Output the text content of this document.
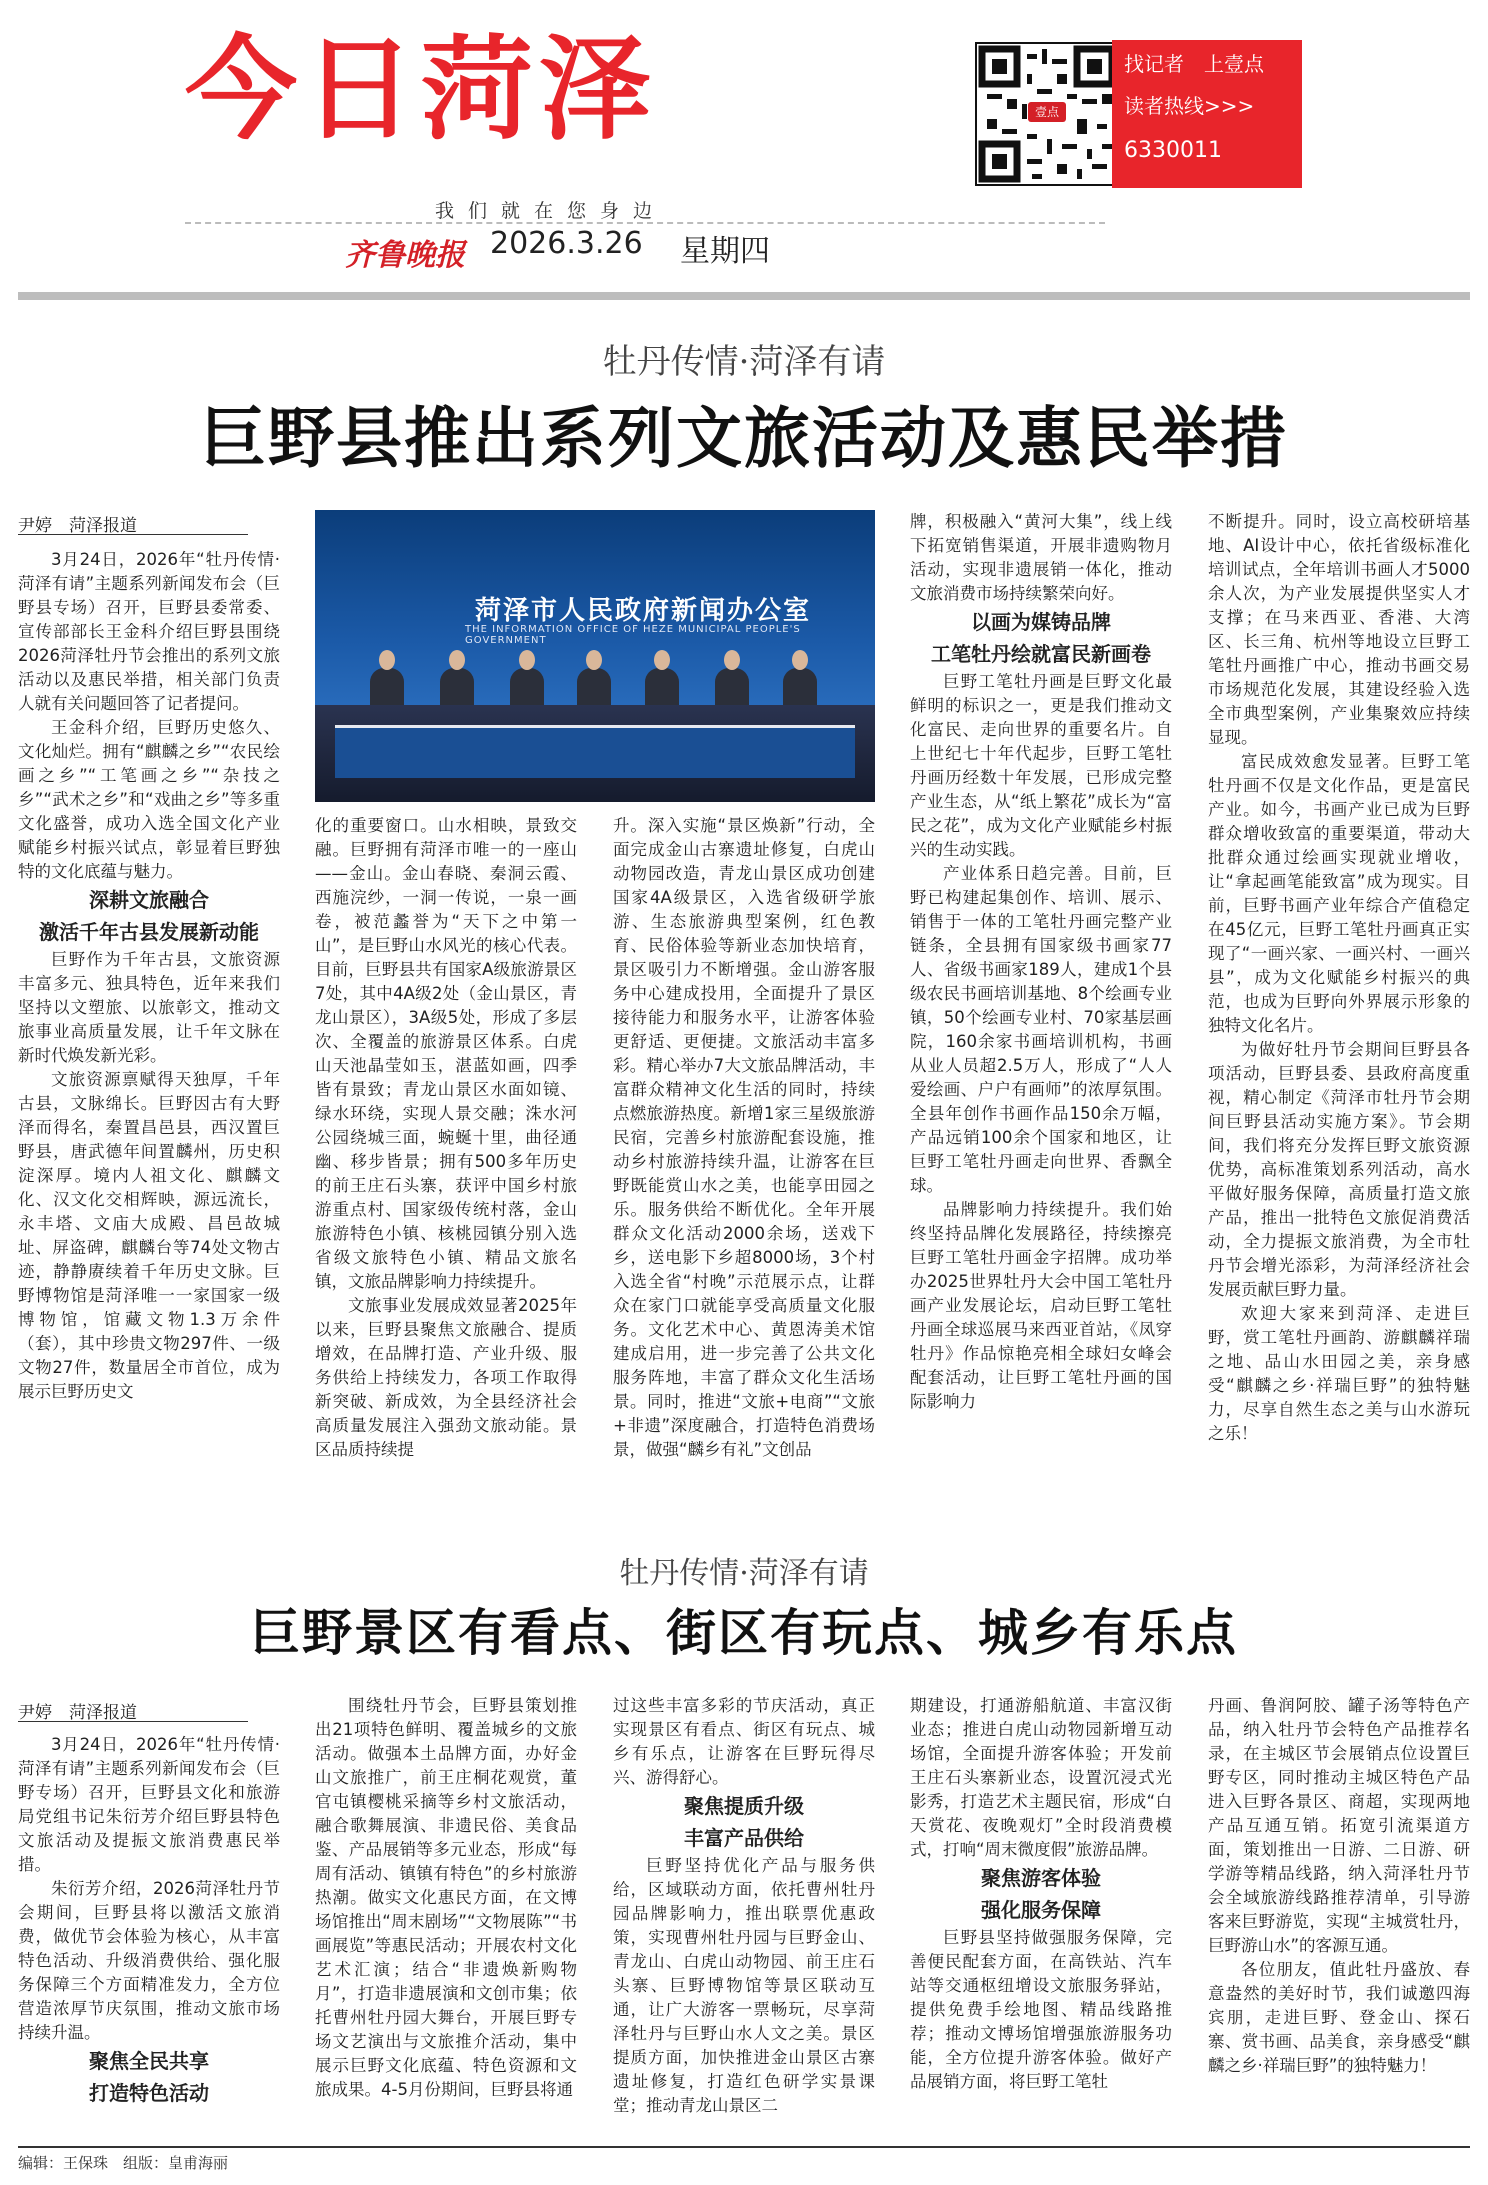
今日菏泽
我们就在您身边
齐鲁晚报 2026.3.26 星期四
壹点
找记者　上壹点
读者热线>>>
6330011
牡丹传情·菏泽有请
巨野县推出系列文旅活动及惠民举措
尹婷　菏泽报道
菏泽市人民政府新闻办公室
THE INFORMATION OFFICE OF HEZE MUNICIPAL PEOPLE'S GOVERNMENT

3月24日，2026年“牡丹传情·菏泽有请”主题系列新闻发布会（巨野县专场）召开，巨野县委常委、宣传部部长王金科介绍巨野县围绕2026菏泽牡丹节会推出的系列文旅活动以及惠民举措，相关部门负责人就有关问题回答了记者提问。

王金科介绍，巨野历史悠久、文化灿烂。拥有“麒麟之乡”“农民绘画之乡”“工笔画之乡”“杂技之乡”“武术之乡”和“戏曲之乡”等多重文化盛誉，成功入选全国文化产业赋能乡村振兴试点，彰显着巨野独特的文化底蕴与魅力。

深耕文旅融合
激活千年古县发展新动能

巨野作为千年古县，文旅资源丰富多元、独具特色，近年来我们坚持以文塑旅、以旅彰文，推动文旅事业高质量发展，让千年文脉在新时代焕发新光彩。

文旅资源禀赋得天独厚，千年古县，文脉绵长。巨野因古有大野泽而得名，秦置昌邑县，西汉置巨野县，唐武德年间置麟州，历史积淀深厚。境内人祖文化、麒麟文化、汉文化交相辉映，源远流长，永丰塔、文庙大成殿、昌邑故城址、屏盗碑，麒麟台等74处文物古迹，静静赓续着千年历史文脉。巨野博物馆是菏泽唯一一家国家一级博物馆，馆藏文物1.3万余件（套），其中珍贵文物297件、一级文物27件，数量居全市首位，成为展示巨野历史文

化的重要窗口。山水相映，景致交融。巨野拥有菏泽市唯一的一座山——金山。金山春晓、秦洞云霞、西施浣纱，一洞一传说，一泉一画卷，被范蠡誉为“天下之中第一山”，是巨野山水风光的核心代表。目前，巨野县共有国家A级旅游景区7处，其中4A级2处（金山景区，青龙山景区），3A级5处，形成了多层次、全覆盖的旅游景区体系。白虎山天池晶莹如玉，湛蓝如画，四季皆有景致；青龙山景区水面如镜、绿水环绕，实现人景交融；洙水河公园绕城三面，蜿蜒十里，曲径通幽、移步皆景；拥有500多年历史的前王庄石头寨，获评中国乡村旅游重点村、国家级传统村落，金山旅游特色小镇、核桃园镇分别入选省级文旅特色小镇、精品文旅名镇，文旅品牌影响力持续提升。

文旅事业发展成效显著2025年以来，巨野县聚焦文旅融合、提质增效，在品牌打造、产业升级、服务供给上持续发力，各项工作取得新突破、新成效，为全县经济社会高质量发展注入强劲文旅动能。景区品质持续提

升。深入实施“景区焕新”行动，全面完成金山古寨遗址修复，白虎山动物园改造，青龙山景区成功创建国家4A级景区，入选省级研学旅游、生态旅游典型案例，红色教育、民俗体验等新业态加快培育，景区吸引力不断增强。金山游客服务中心建成投用，全面提升了景区接待能力和服务水平，让游客体验更舒适、更便捷。文旅活动丰富多彩。精心举办7大文旅品牌活动，丰富群众精神文化生活的同时，持续点燃旅游热度。新增1家三星级旅游民宿，完善乡村旅游配套设施，推动乡村旅游持续升温，让游客在巨野既能赏山水之美，也能享田园之乐。服务供给不断优化。全年开展群众文化活动2000余场，送戏下乡，送电影下乡超8000场，3个村入选全省“村晚”示范展示点，让群众在家门口就能享受高质量文化服务。文化艺术中心、黄恩涛美术馆建成启用，进一步完善了公共文化服务阵地，丰富了群众文化生活场景。同时，推进“文旅+电商”“文旅+非遗”深度融合，打造特色消费场景，做强“麟乡有礼”文创品

牌，积极融入“黄河大集”，线上线下拓宽销售渠道，开展非遗购物月活动，实现非遗展销一体化，推动文旅消费市场持续繁荣向好。

以画为媒铸品牌
工笔牡丹绘就富民新画卷

巨野工笔牡丹画是巨野文化最鲜明的标识之一，更是我们推动文化富民、走向世界的重要名片。自上世纪七十年代起步，巨野工笔牡丹画历经数十年发展，已形成完整产业生态，从“纸上繁花”成长为“富民之花”，成为文化产业赋能乡村振兴的生动实践。

产业体系日趋完善。目前，巨野已构建起集创作、培训、展示、销售于一体的工笔牡丹画完整产业链条，全县拥有国家级书画家77人、省级书画家189人，建成1个县级农民书画培训基地、8个绘画专业镇，50个绘画专业村、70家基层画院，160余家书画培训机构，书画从业人员超2.5万人，形成了“人人爱绘画、户户有画师”的浓厚氛围。全县年创作书画作品150余万幅，产品远销100余个国家和地区，让巨野工笔牡丹画走向世界、香飘全球。

品牌影响力持续提升。我们始终坚持品牌化发展路径，持续擦亮巨野工笔牡丹画金字招牌。成功举办2025世界牡丹大会中国工笔牡丹画产业发展论坛，启动巨野工笔牡丹画全球巡展马来西亚首站，《凤穿牡丹》作品惊艳亮相全球妇女峰会配套活动，让巨野工笔牡丹画的国际影响力

不断提升。同时，设立高校研培基地、AI设计中心，依托省级标准化培训试点，全年培训书画人才5000余人次，为产业发展提供坚实人才支撑；在马来西亚、香港、大湾区、长三角、杭州等地设立巨野工笔牡丹画推广中心，推动书画交易市场规范化发展，其建设经验入选全市典型案例，产业集聚效应持续显现。

富民成效愈发显著。巨野工笔牡丹画不仅是文化作品，更是富民产业。如今，书画产业已成为巨野群众增收致富的重要渠道，带动大批群众通过绘画实现就业增收，让“拿起画笔能致富”成为现实。目前，巨野书画产业年综合产值稳定在45亿元，巨野工笔牡丹画真正实现了“一画兴家、一画兴村、一画兴县”，成为文化赋能乡村振兴的典范，也成为巨野向外界展示形象的独特文化名片。

为做好牡丹节会期间巨野县各项活动，巨野县委、县政府高度重视，精心制定《菏泽市牡丹节会期间巨野县活动实施方案》。节会期间，我们将充分发挥巨野文旅资源优势，高标准策划系列活动，高水平做好服务保障，高质量打造文旅产品，推出一批特色文旅促消费活动，全力提振文旅消费，为全市牡丹节会增光添彩，为菏泽经济社会发展贡献巨野力量。

欢迎大家来到菏泽、走进巨野，赏工笔牡丹画韵、游麒麟祥瑞之地、品山水田园之美，亲身感受“麒麟之乡·祥瑞巨野”的独特魅力，尽享自然生态之美与山水游玩之乐！

牡丹传情·菏泽有请
巨野景区有看点、街区有玩点、城乡有乐点
尹婷　菏泽报道

3月24日，2026年“牡丹传情·菏泽有请”主题系列新闻发布会（巨野专场）召开，巨野县文化和旅游局党组书记朱衍芳介绍巨野县特色文旅活动及提振文旅消费惠民举措。

朱衍芳介绍，2026菏泽牡丹节会期间，巨野县将以激活文旅消费，做优节会体验为核心，从丰富特色活动、升级消费供给、强化服务保障三个方面精准发力，全方位营造浓厚节庆氛围，推动文旅市场持续升温。

聚焦全民共享
打造特色活动

围绕牡丹节会，巨野县策划推出21项特色鲜明、覆盖城乡的文旅活动。做强本土品牌方面，办好金山文旅推广，前王庄桐花观赏，董官屯镇樱桃采摘等乡村文旅活动，融合歌舞展演、非遗民俗、美食品鉴、产品展销等多元业态，形成“每周有活动、镇镇有特色”的乡村旅游热潮。做实文化惠民方面，在文博场馆推出“周末剧场”“文物展陈”“书画展览”等惠民活动；开展农村文化艺术汇演；结合“非遗焕新购物月”，打造非遗展演和文创市集；依托曹州牡丹园大舞台，开展巨野专场文艺演出与文旅推介活动，集中展示巨野文化底蕴、特色资源和文旅成果。4-5月份期间，巨野县将通

过这些丰富多彩的节庆活动，真正实现景区有看点、街区有玩点、城乡有乐点，让游客在巨野玩得尽兴、游得舒心。

聚焦提质升级
丰富产品供给

巨野坚持优化产品与服务供给，区域联动方面，依托曹州牡丹园品牌影响力，推出联票优惠政策，实现曹州牡丹园与巨野金山、青龙山、白虎山动物园、前王庄石头寨、巨野博物馆等景区联动互通，让广大游客一票畅玩，尽享菏泽牡丹与巨野山水人文之美。景区提质方面，加快推进金山景区古寨遗址修复，打造红色研学实景课堂；推动青龙山景区二

期建设，打通游船航道、丰富汉街业态；推进白虎山动物园新增互动场馆，全面提升游客体验；开发前王庄石头寨新业态，设置沉浸式光影秀，打造艺术主题民宿，形成“白天赏花、夜晚观灯”全时段消费模式，打响“周末微度假”旅游品牌。

聚焦游客体验
强化服务保障

巨野县坚持做强服务保障，完善便民配套方面，在高铁站、汽车站等交通枢纽增设文旅服务驿站，提供免费手绘地图、精品线路推荐；推动文博场馆增强旅游服务功能，全方位提升游客体验。做好产品展销方面，将巨野工笔牡

丹画、鲁润阿胶、罐子汤等特色产品，纳入牡丹节会特色产品推荐名录，在主城区节会展销点位设置巨野专区，同时推动主城区特色产品进入巨野各景区、商超，实现两地产品互通互销。拓宽引流渠道方面，策划推出一日游、二日游、研学游等精品线路，纳入菏泽牡丹节会全域旅游线路推荐清单，引导游客来巨野游览，实现“主城赏牡丹，巨野游山水”的客源互通。

各位朋友，值此牡丹盛放、春意盎然的美好时节，我们诚邀四海宾朋，走进巨野、登金山、探石寨、赏书画、品美食，亲身感受“麒麟之乡·祥瑞巨野”的独特魅力！

编辑：王保珠　组版：皇甫海丽
